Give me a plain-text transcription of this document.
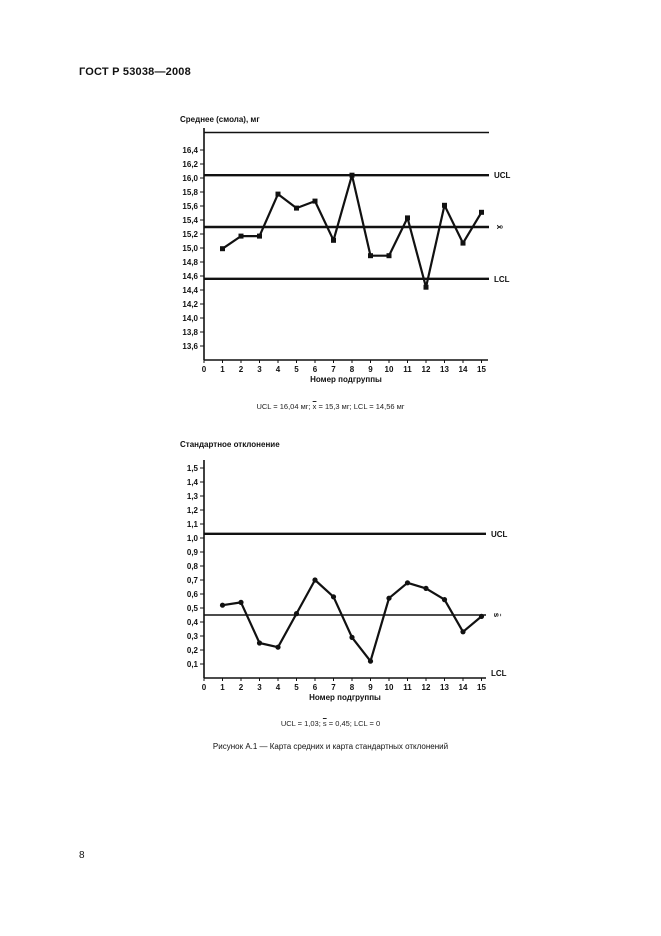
ГОСТ Р 53038—2008
Среднее (смола), мг
13,6
13,8
14,0
14,2
14,4
14,6
14,8
15,0
15,2
15,4
15,6
15,8
16,0
16,2
16,4
0 1 2 3 4 5 6 7 8 9 10 11 12 13 14 15
Номер подгруппы
UCL
x̄
LCL
UCL = 16,04 мг; $\overline{x} = 15,3$ мг; LCL = 14,56 мг
Стандартное отклонение
0,1
0,2
0,3
0,4
0,5
0,6
0,7
0,8
0,9
1,0
1,1
1,2
1,3
1,4
1,5
0 1 2 3 4 5 6 7 8 9 10 11 12 13 14 15
Номер подгруппы
UCL
s̄
LCL
UCL = 1,03; $\overline{s} = 0,45$; LCL = 0
Рисунок А.1 — Карта средних и карта стандартных отклонений
8
